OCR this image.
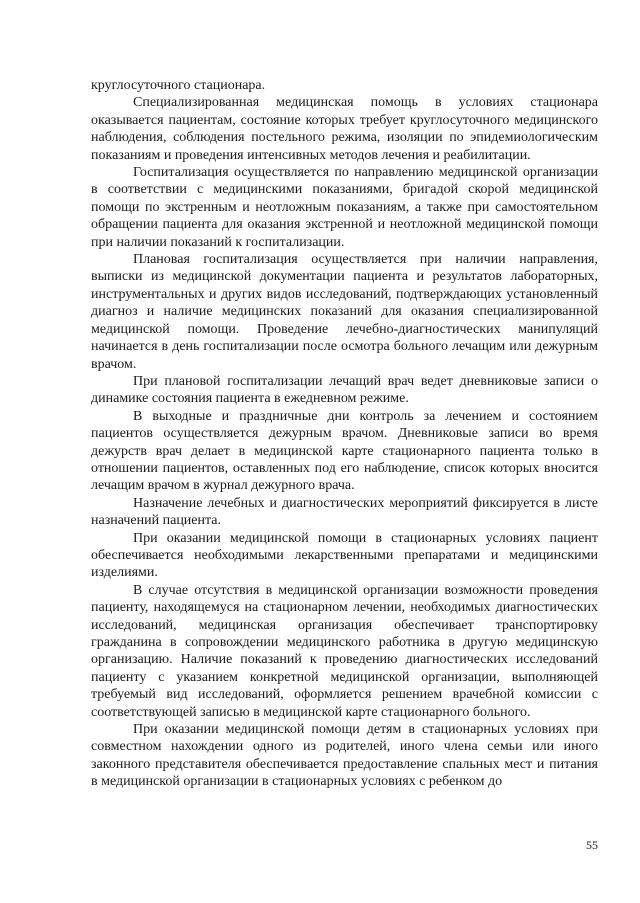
круглосуточного стационара.

Специализированная медицинская помощь в условиях стационара оказывается пациентам, состояние которых требует круглосуточного медицинского наблюдения, соблюдения постельного режима, изоляции по эпидемиологическим показаниям и проведения интенсивных методов лечения и реабилитации.

Госпитализация осуществляется по направлению медицинской организации в соответствии с медицинскими показаниями, бригадой скорой медицинской помощи по экстренным и неотложным показаниям, а также при самостоятельном обращении пациента для оказания экстренной и неотложной медицинской помощи при наличии показаний к госпитализации.

Плановая госпитализация осуществляется при наличии направления, выписки из медицинской документации пациента и результатов лабораторных, инструментальных и других видов исследований, подтверждающих установленный диагноз и наличие медицинских показаний для оказания специализированной медицинской помощи. Проведение лечебно-диагностических манипуляций начинается в день госпитализации после осмотра больного лечащим или дежурным врачом.

При плановой госпитализации лечащий врач ведет дневниковые записи о динамике состояния пациента в ежедневном режиме.

В выходные и праздничные дни контроль за лечением и состоянием пациентов осуществляется дежурным врачом. Дневниковые записи во время дежурств врач делает в медицинской карте стационарного пациента только в отношении пациентов, оставленных под его наблюдение, список которых вносится лечащим врачом в журнал дежурного врача.

Назначение лечебных и диагностических мероприятий фиксируется в листе назначений пациента.

При оказании медицинской помощи в стационарных условиях пациент обеспечивается необходимыми лекарственными препаратами и медицинскими изделиями.

В случае отсутствия в медицинской организации возможности проведения пациенту, находящемуся на стационарном лечении, необходимых диагностических исследований, медицинская организация обеспечивает транспортировку гражданина в сопровождении медицинского работника в другую медицинскую организацию. Наличие показаний к проведению диагностических исследований пациенту с указанием конкретной медицинской организации, выполняющей требуемый вид исследований, оформляется решением врачебной комиссии с соответствующей записью в медицинской карте стационарного больного.

При оказании медицинской помощи детям в стационарных условиях при совместном нахождении одного из родителей, иного члена семьи или иного законного представителя обеспечивается предоставление спальных мест и питания в медицинской организации в стационарных условиях с ребенком до

55
